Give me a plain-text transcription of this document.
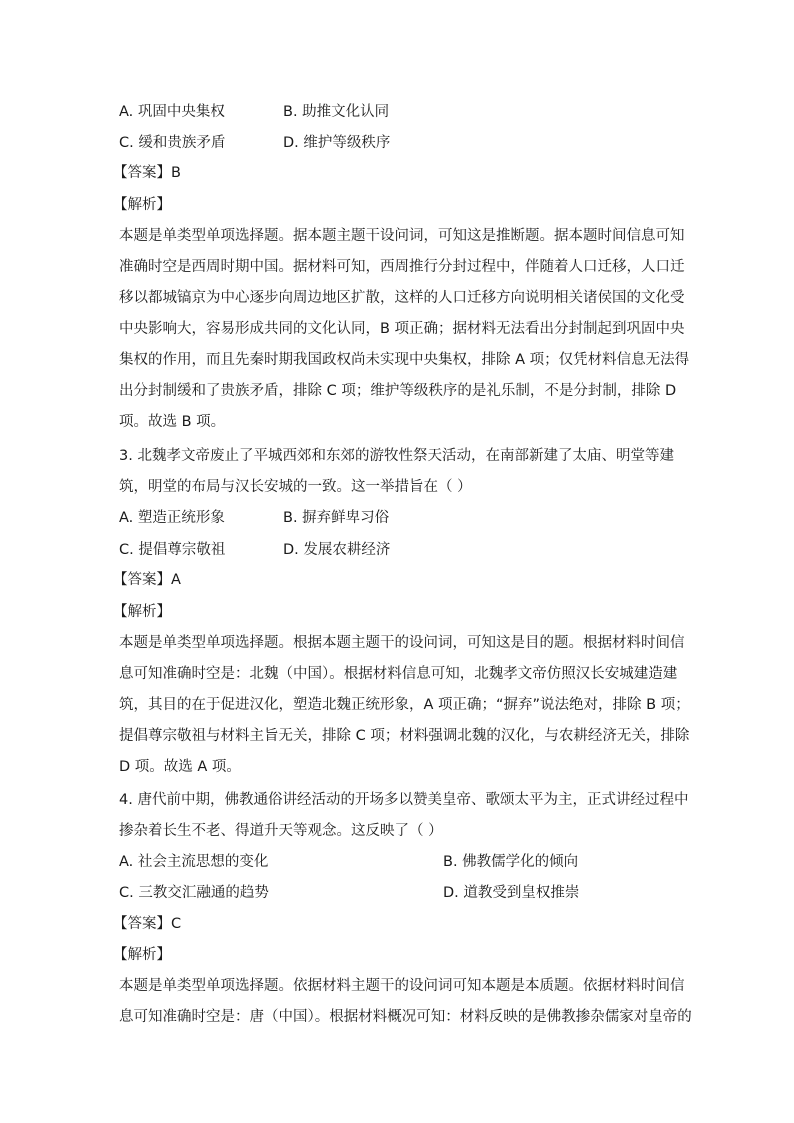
A. 巩固中央集权	B. 助推文化认同
C. 缓和贵族矛盾	D. 维护等级秩序
【答案】B
【解析】
本题是单类型单项选择题。据本题主题干设问词，可知这是推断题。据本题时间信息可知
准确时空是西周时期中国。据材料可知，西周推行分封过程中，伴随着人口迁移，人口迁
移以都城镐京为中心逐步向周边地区扩散，这样的人口迁移方向说明相关诸侯国的文化受
中央影响大，容易形成共同的文化认同，B 项正确；据材料无法看出分封制起到巩固中央
集权的作用，而且先秦时期我国政权尚未实现中央集权，排除 A 项；仅凭材料信息无法得
出分封制缓和了贵族矛盾，排除 C 项；维护等级秩序的是礼乐制，不是分封制，排除 D
项。故选 B 项。
3. 北魏孝文帝废止了平城西郊和东郊的游牧性祭天活动，在南部新建了太庙、明堂等建
筑，明堂的布局与汉长安城的一致。这一举措旨在（ ）
A. 塑造正统形象	B. 摒弃鲜卑习俗
C. 提倡尊宗敬祖	D. 发展农耕经济
【答案】A
【解析】
本题是单类型单项选择题。根据本题主题干的设问词，可知这是目的题。根据材料时间信
息可知准确时空是：北魏（中国）。根据材料信息可知，北魏孝文帝仿照汉长安城建造建
筑，其目的在于促进汉化，塑造北魏正统形象，A 项正确；“摒弃”说法绝对，排除 B 项；
提倡尊宗敬祖与材料主旨无关，排除 C 项；材料强调北魏的汉化，与农耕经济无关，排除
D 项。故选 A 项。
4. 唐代前中期，佛教通俗讲经活动的开场多以赞美皇帝、歌颂太平为主，正式讲经过程中
掺杂着长生不老、得道升天等观念。这反映了（ ）
A. 社会主流思想的变化	B. 佛教儒学化的倾向
C. 三教交汇融通的趋势	D. 道教受到皇权推崇
【答案】C
【解析】
本题是单类型单项选择题。依据材料主题干的设问词可知本题是本质题。依据材料时间信
息可知准确时空是：唐（中国）。根据材料概况可知：材料反映的是佛教掺杂儒家对皇帝的
